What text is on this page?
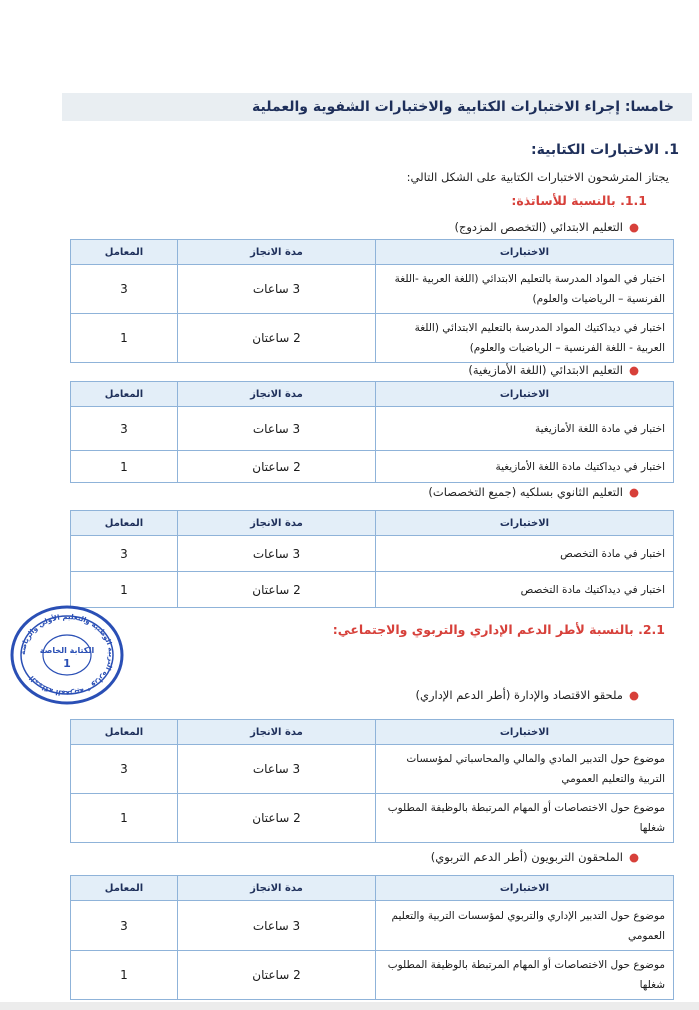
خامسا: إجراء الاختبارات الكتابية والاختبارات الشفوية والعملية
1. الاختبارات الكتابية:
يجتاز المترشحون الاختبارات الكتابية على الشكل التالي:
1.1. بالنسبة للأساتذة:
●التعليم الابتدائي (التخصص المزدوج)
الاختبارات	مدة الانجاز	المعامل
اختبار في المواد المدرسة بالتعليم الابتدائي (اللغة العربية -اللغة الفرنسية – الرياضيات والعلوم)	3 ساعات	3
اختبار في ديداكتيك المواد المدرسة بالتعليم الابتدائي (اللغة العربية - اللغة الفرنسية – الرياضيات والعلوم)	2 ساعتان	1
●التعليم الابتدائي (اللغة الأمازيغية)
الاختبارات	مدة الانجاز	المعامل
اختبار في مادة اللغة الأمازيغية	3 ساعات	3
اختبار في ديداكتيك مادة اللغة الأمازيغية	2 ساعتان	1
●التعليم الثانوي بسلكيه (جميع التخصصات)
الاختبارات	مدة الانجاز	المعامل
اختبار في مادة التخصص	3 ساعات	3
اختبار في ديداكتيك مادة التخصص	2 ساعتان	1
المملكة المغربية * وزارة التربية الوطنية والتعليم الأولي والرياضة
الكتابة الخاصة
1
2.1. بالنسبة لأطر الدعم الإداري والتربوي والاجتماعي:
●ملحقو الاقتصاد والإدارة (أطر الدعم الإداري)
الاختبارات	مدة الانجاز	المعامل
موضوع حول التدبير المادي والمالي والمحاسباتي لمؤسسات التربية والتعليم العمومي	3 ساعات	3
موضوع حول الاختصاصات أو المهام المرتبطة بالوظيفة المطلوب شغلها	2 ساعتان	1
●الملحقون التربويون (أطر الدعم التربوي)
الاختبارات	مدة الانجاز	المعامل
موضوع حول التدبير الإداري والتربوي لمؤسسات التربية والتعليم العمومي	3 ساعات	3
موضوع حول الاختصاصات أو المهام المرتبطة بالوظيفة المطلوب شغلها	2 ساعتان	1
